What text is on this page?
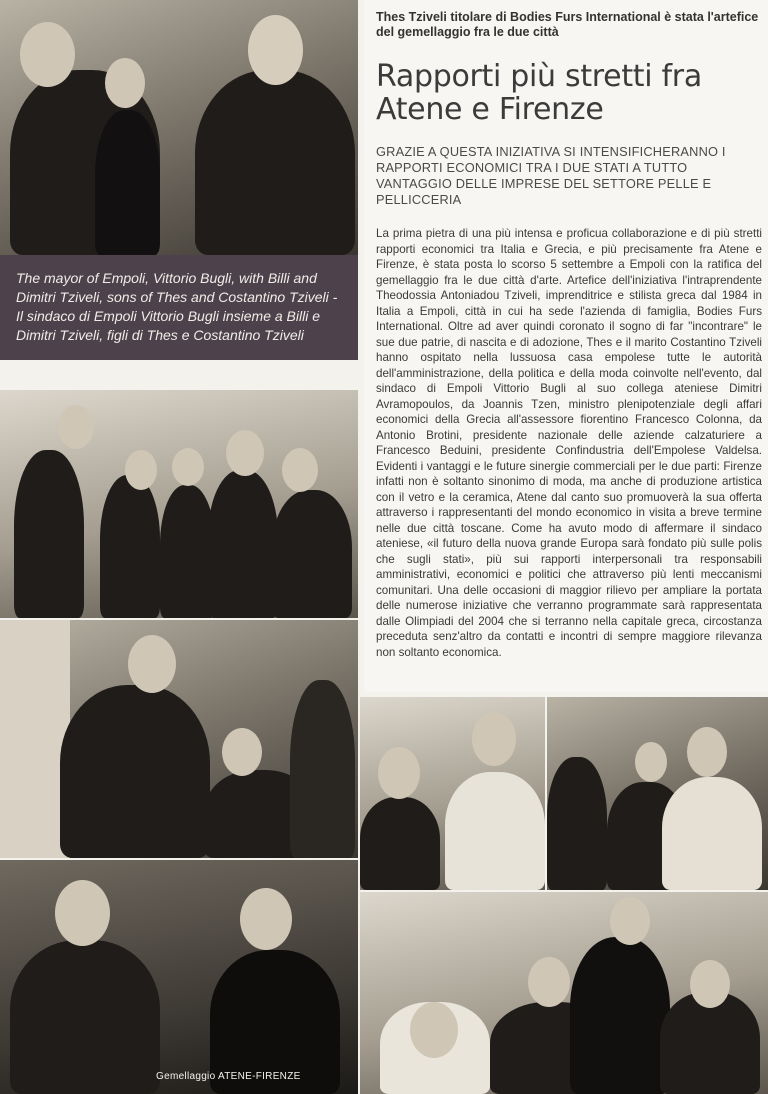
The mayor of Empoli, Vittorio Bugli, with Billi and Dimitri Tziveli, sons of Thes and Costantino Tziveli - Il sindaco di Empoli Vittorio Bugli insieme a Billi e Dimitri Tziveli, figli di Thes e Costantino Tziveli

Thes Tziveli titolare di Bodies Furs International è stata l'artefice del gemellaggio fra le due città

Rapporti più stretti fra Atene e Firenze

GRAZIE A QUESTA INIZIATIVA SI INTENSIFICHERANNO I RAPPORTI ECONOMICI TRA I DUE STATI A TUTTO VANTAGGIO DELLE IMPRESE DEL SETTORE PELLE E PELLICCERIA

La prima pietra di una più intensa e proficua collaborazione e di più stretti rapporti economici tra Italia e Grecia, e più precisamente fra Atene e Firenze, è stata posta lo scorso 5 settembre a Empoli con la ratifica del gemellaggio fra le due città d'arte. Artefice dell'iniziativa l'intraprendente Theodossia Antoniadou Tziveli, imprenditrice e stilista greca dal 1984 in Italia a Empoli, città in cui ha sede l'azienda di famiglia, Bodies Furs International. Oltre ad aver quindi coronato il sogno di far "incontrare" le sue due patrie, di nascita e di adozione, Thes e il marito Costantino Tziveli hanno ospitato nella lussuosa casa empolese tutte le autorità dell'amministrazione, della politica e della moda coinvolte nell'evento, dal sindaco di Empoli Vittorio Bugli al suo collega ateniese Dimitri Avramopoulos, da Joannis Tzen, ministro plenipotenziale degli affari economici della Grecia all'assessore fiorentino Francesco Colonna, da Antonio Brotini, presidente nazionale delle aziende calzaturiere a Francesco Beduini, presidente Confindustria dell'Empolese Valdelsa. Evidenti i vantaggi e le future sinergie commerciali per le due parti: Firenze infatti non è soltanto sinonimo di moda, ma anche di produzione artistica con il vetro e la ceramica, Atene dal canto suo promuoverà la sua offerta attraverso i rappresentanti del mondo economico in visita a breve termine nelle due città toscane. Come ha avuto modo di affermare il sindaco ateniese, «il futuro della nuova grande Europa sarà fondato più sulle polis che sugli stati», più sui rapporti interpersonali tra responsabili amministrativi, economici e politici che attraverso più lenti meccanismi comunitari. Una delle occasioni di maggior rilievo per ampliare la portata delle numerose iniziative che verranno programmate sarà rappresentata dalle Olimpiadi del 2004 che si terranno nella capitale greca, circostanza preceduta senz'altro da contatti e incontri di sempre maggiore rilevanza non soltanto economica.

Gemellaggio ATENE-FIRENZE
